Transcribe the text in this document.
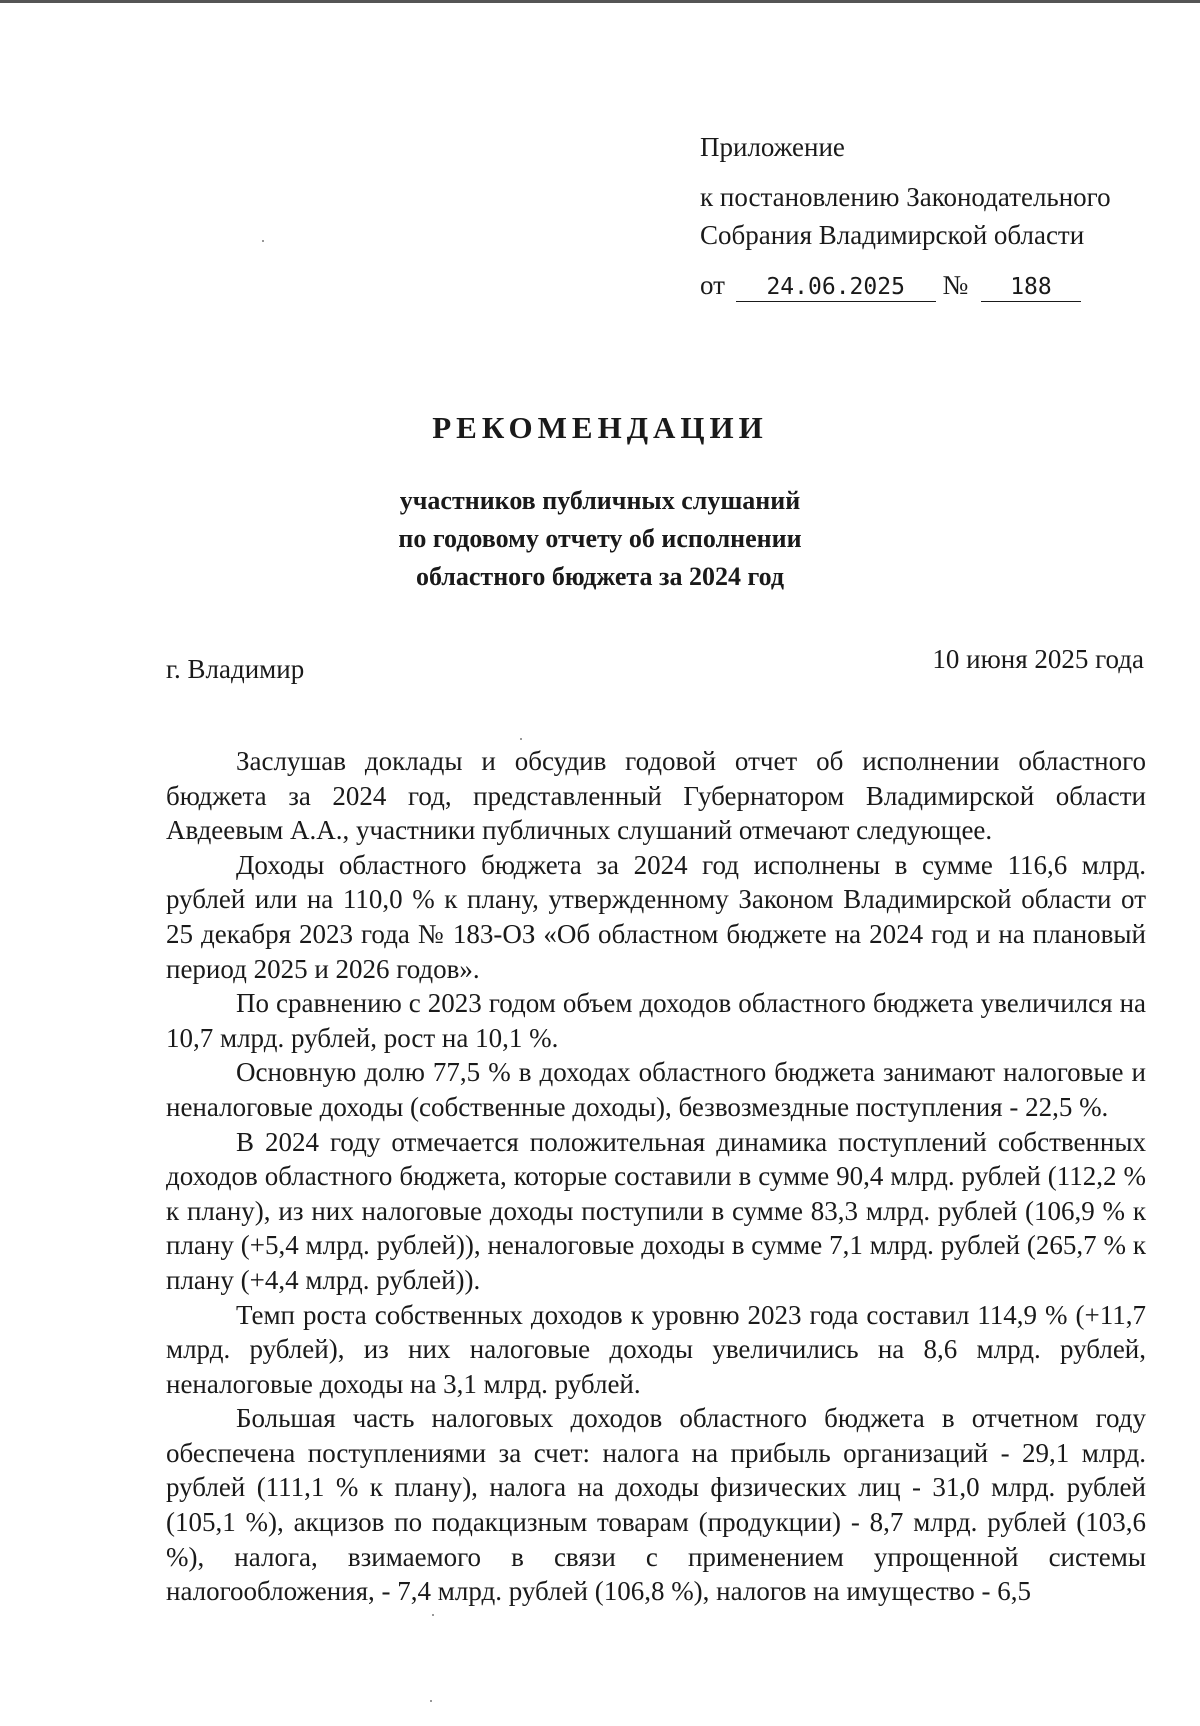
Приложение
к постановлению Законодательного
Собрания Владимирской области
от 24.06.2025 № 188
РЕКОМЕНДАЦИИ
участников публичных слушаний
по годовому отчету об исполнении
областного бюджета за 2024 год
г. Владимир	10 июня 2025 года

Заслушав доклады и обсудив годовой отчет об исполнении областного бюджета за 2024 год, представленный Губернатором Владимирской области Авдеевым А.А., участники публичных слушаний отмечают следующее.

Доходы областного бюджета за 2024 год исполнены в сумме 116,6 млрд. рублей или на 110,0 % к плану, утвержденному Законом Владимирской области от 25 декабря 2023 года № 183-ОЗ «Об областном бюджете на 2024 год и на плановый период 2025 и 2026 годов».

По сравнению с 2023 годом объем доходов областного бюджета увеличился на 10,7 млрд. рублей, рост на 10,1 %.

Основную долю 77,5 % в доходах областного бюджета занимают налоговые и неналоговые доходы (собственные доходы), безвозмездные поступления - 22,5 %.

В 2024 году отмечается положительная динамика поступлений собственных доходов областного бюджета, которые составили в сумме 90,4 млрд. рублей (112,2 % к плану), из них налоговые доходы поступили в сумме 83,3 млрд. рублей (106,9 % к плану (+5,4 млрд. рублей)), неналоговые доходы в сумме 7,1 млрд. рублей (265,7 % к плану (+4,4 млрд. рублей)).

Темп роста собственных доходов к уровню 2023 года составил 114,9 % (+11,7 млрд. рублей), из них налоговые доходы увеличились на 8,6 млрд. рублей, неналоговые доходы на 3,1 млрд. рублей.

Большая часть налоговых доходов областного бюджета в отчетном году обеспечена поступлениями за счет: налога на прибыль организаций - 29,1 млрд. рублей (111,1 % к плану), налога на доходы физических лиц - 31,0 млрд. рублей (105,1 %), акцизов по подакцизным товарам (продукции) - 8,7 млрд. рублей (103,6 %), налога, взимаемого в связи с применением упрощенной системы налогообложения, - 7,4 млрд. рублей (106,8 %), налогов на имущество - 6,5
